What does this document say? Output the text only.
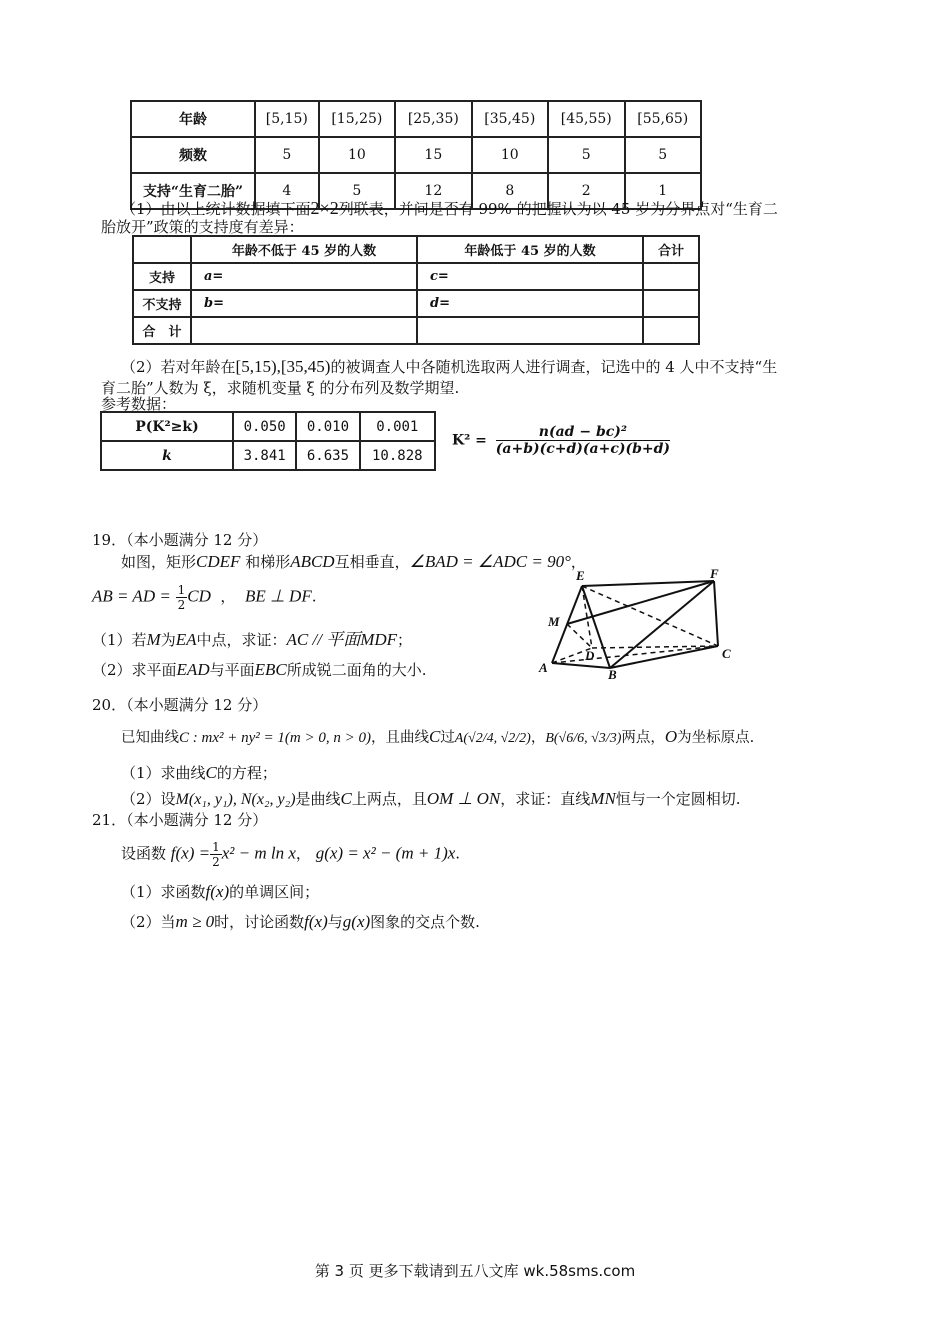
年龄	[5,15)	[15,25)	[25,35)	[35,45)	[45,55)	[55,65)
频数	5	10	15	10	5	5
支持“生育二胎”	4	5	12	8	2	1
（1）由以上统计数据填下面2×2列联表，并问是否有 99% 的把握认为以 45 岁为分界点对“生育二
胎放开”政策的支持度有差异：
	年龄不低于 45 岁的人数	年龄低于 45 岁的人数	合计
支持	a=	c=	
不支持	b=	d=	
合　计			
（2）若对年龄在[5,15),[35,45)的被调查人中各随机选取两人进行调查，记选中的 4 人中不支持“生
育二胎”人数为 ξ，求随机变量 ξ 的分布列及数学期望.
参考数据：
P(K²≥k)	0.050	0.010	0.001
k	3.841	6.635	10.828
$K^2 = \frac{\text{n(ad − bc)²}}{(a+b)(c+d)(a+c)(b+d)}$
19．（本小题满分 12 分）
如图，矩形CDEF 和梯形ABCD互相垂直，∠BAD = ∠ADC = 90°，
AB = AD = $\frac{1}{2}$ CD ， BE ⊥ DF.
（1）若M为EA中点，求证：AC // 平面MDF；
（2）求平面EAD与平面EBC所成锐二面角的大小.
E	F
M
D
A	B
C
20．（本小题满分 12 分）
已知曲线C : mx² + ny² = 1(m > 0, n > 0)，且曲线C过A(√2/4, √2/2)，B(√6/6, √3/3)两点，O为坐标原点.
（1）求曲线C的方程；
（2）设M(x₁, y₁), N(x₂, y₂)是曲线C上两点，且OM ⊥ ON，求证：直线MN恒与一个定圆相切.
21．（本小题满分 12 分）
设函数 $f(x) = \frac{1}{2} x^2 - m$ ln x， g(x) = x² − (m + 1)x.
（1）求函数f(x)的单调区间；
（2）当m ≥ 0时，讨论函数f(x)与g(x)图象的交点个数.
第 3 页 更多下载请到五八文库 wk.58sms.com
